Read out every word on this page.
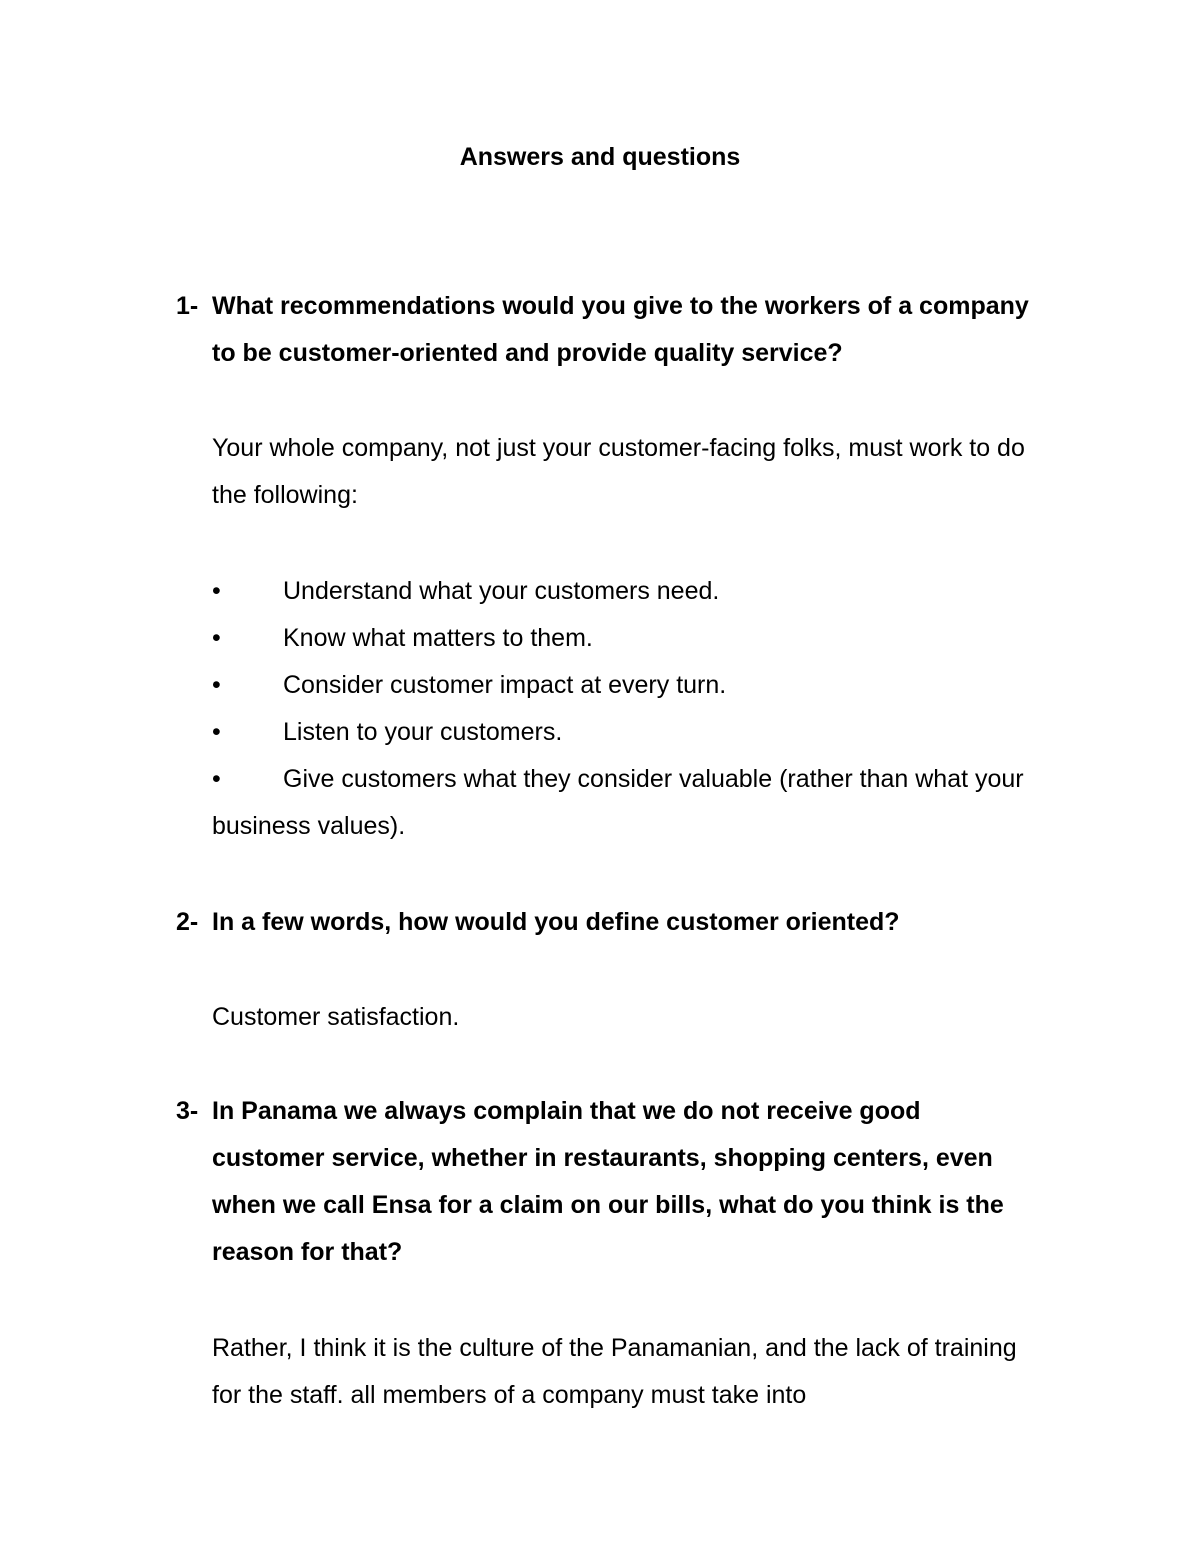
Answers and questions
1- What recommendations would you give to the workers of a company to be customer-oriented and provide quality service?
Your whole company, not just your customer-facing folks, must work to do the following:
• Understand what your customers need.
• Know what matters to them.
• Consider customer impact at every turn.
• Listen to your customers.
• Give customers what they consider valuable (rather than what your business values).
2- In a few words, how would you define customer oriented?
Customer satisfaction.
3- In Panama we always complain that we do not receive good customer service, whether in restaurants, shopping centers, even when we call Ensa for a claim on our bills, what do you think is the reason for that?
Rather, I think it is the culture of the Panamanian, and the lack of training for the staff. all members of a company must take into
